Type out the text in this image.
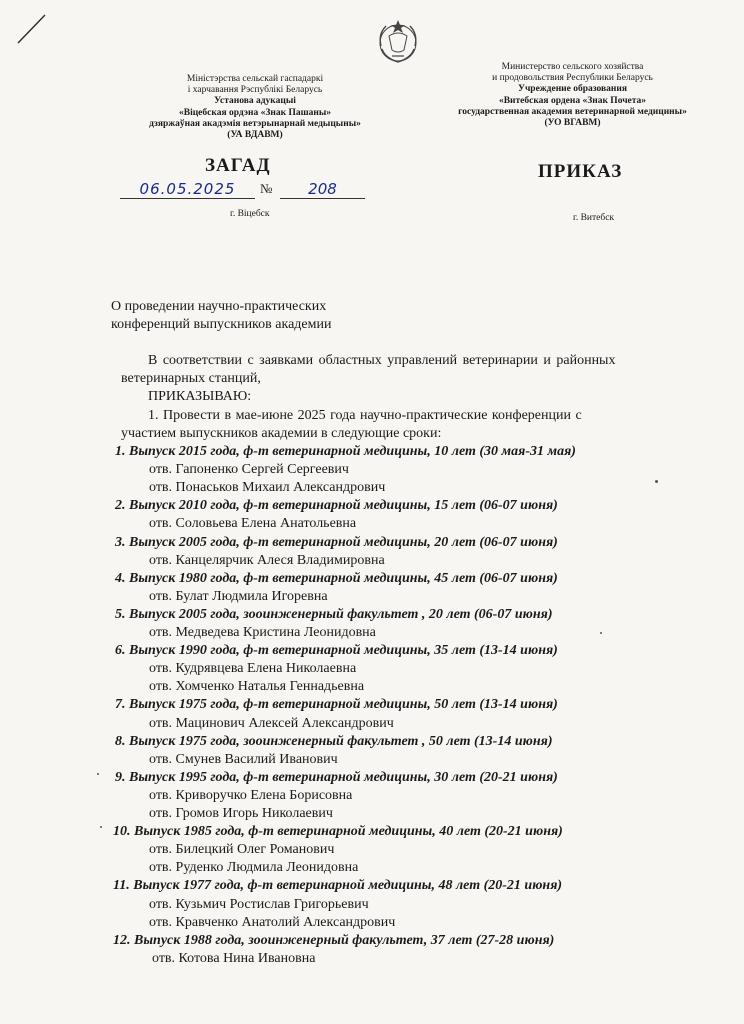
Міністэрства сельскай гаспадаркі
і харчавання Рэспублікі Беларусь
Установа адукацыі
«Віцебская ордэна «Знак Пашаны»
дзяржаўная акадэмія ветэрынарнай медыцыны»
(УА ВДАВМ)
Министерство сельского хозяйства
и продовольствия Республики Беларусь
Учреждение образования
«Витебская ордена «Знак Почета»
государственная академия ветеринарной медицины»
(УО ВГАВМ)
ЗАГАД	ПРИКАЗ
06.05.2025	№	208
г. Віцебск	г. Витебск
О проведении научно-практических
конференций выпускников академии
В соответствии с заявками областных управлений ветеринарии и районных
ветеринарных станций,
ПРИКАЗЫВАЮ:
1. Провести в мае-июне 2025 года научно-практические конференции с
участием выпускников академии в следующие сроки:
1. Выпуск 2015 года, ф-т ветеринарной медицины, 10 лет (30 мая-31 мая)
отв. Гапоненко Сергей Сергеевич
отв. Понаськов Михаил Александрович
2. Выпуск 2010 года, ф-т ветеринарной медицины, 15 лет (06-07 июня)
отв. Соловьева Елена Анатольевна
3. Выпуск 2005 года, ф-т ветеринарной медицины, 20 лет (06-07 июня)
отв. Канцелярчик Алеся Владимировна
4. Выпуск 1980 года, ф-т ветеринарной медицины, 45 лет (06-07 июня)
отв. Булат Людмила Игоревна
5. Выпуск 2005 года, зооинженерный факультет , 20 лет (06-07 июня)
отв. Медведева Кристина Леонидовна
6. Выпуск 1990 года, ф-т ветеринарной медицины, 35 лет (13-14 июня)
отв. Кудрявцева Елена Николаевна
отв. Хомченко Наталья Геннадьевна
7. Выпуск 1975 года, ф-т ветеринарной медицины, 50 лет (13-14 июня)
отв. Мацинович Алексей Александрович
8. Выпуск 1975 года, зооинженерный факультет , 50 лет (13-14 июня)
отв. Смунев Василий Иванович
9. Выпуск 1995 года, ф-т ветеринарной медицины, 30 лет (20-21 июня)
отв. Криворучко Елена Борисовна
отв. Громов Игорь Николаевич
10. Выпуск 1985 года, ф-т ветеринарной медицины, 40 лет (20-21 июня)
отв. Билецкий Олег Романович
отв. Руденко Людмила Леонидовна
11. Выпуск 1977 года, ф-т ветеринарной медицины, 48 лет (20-21 июня)
отв. Кузьмич Ростислав Григорьевич
отв. Кравченко Анатолий Александрович
12. Выпуск 1988 года, зооинженерный факультет, 37 лет (27-28 июня)
отв. Котова Нина Ивановна
